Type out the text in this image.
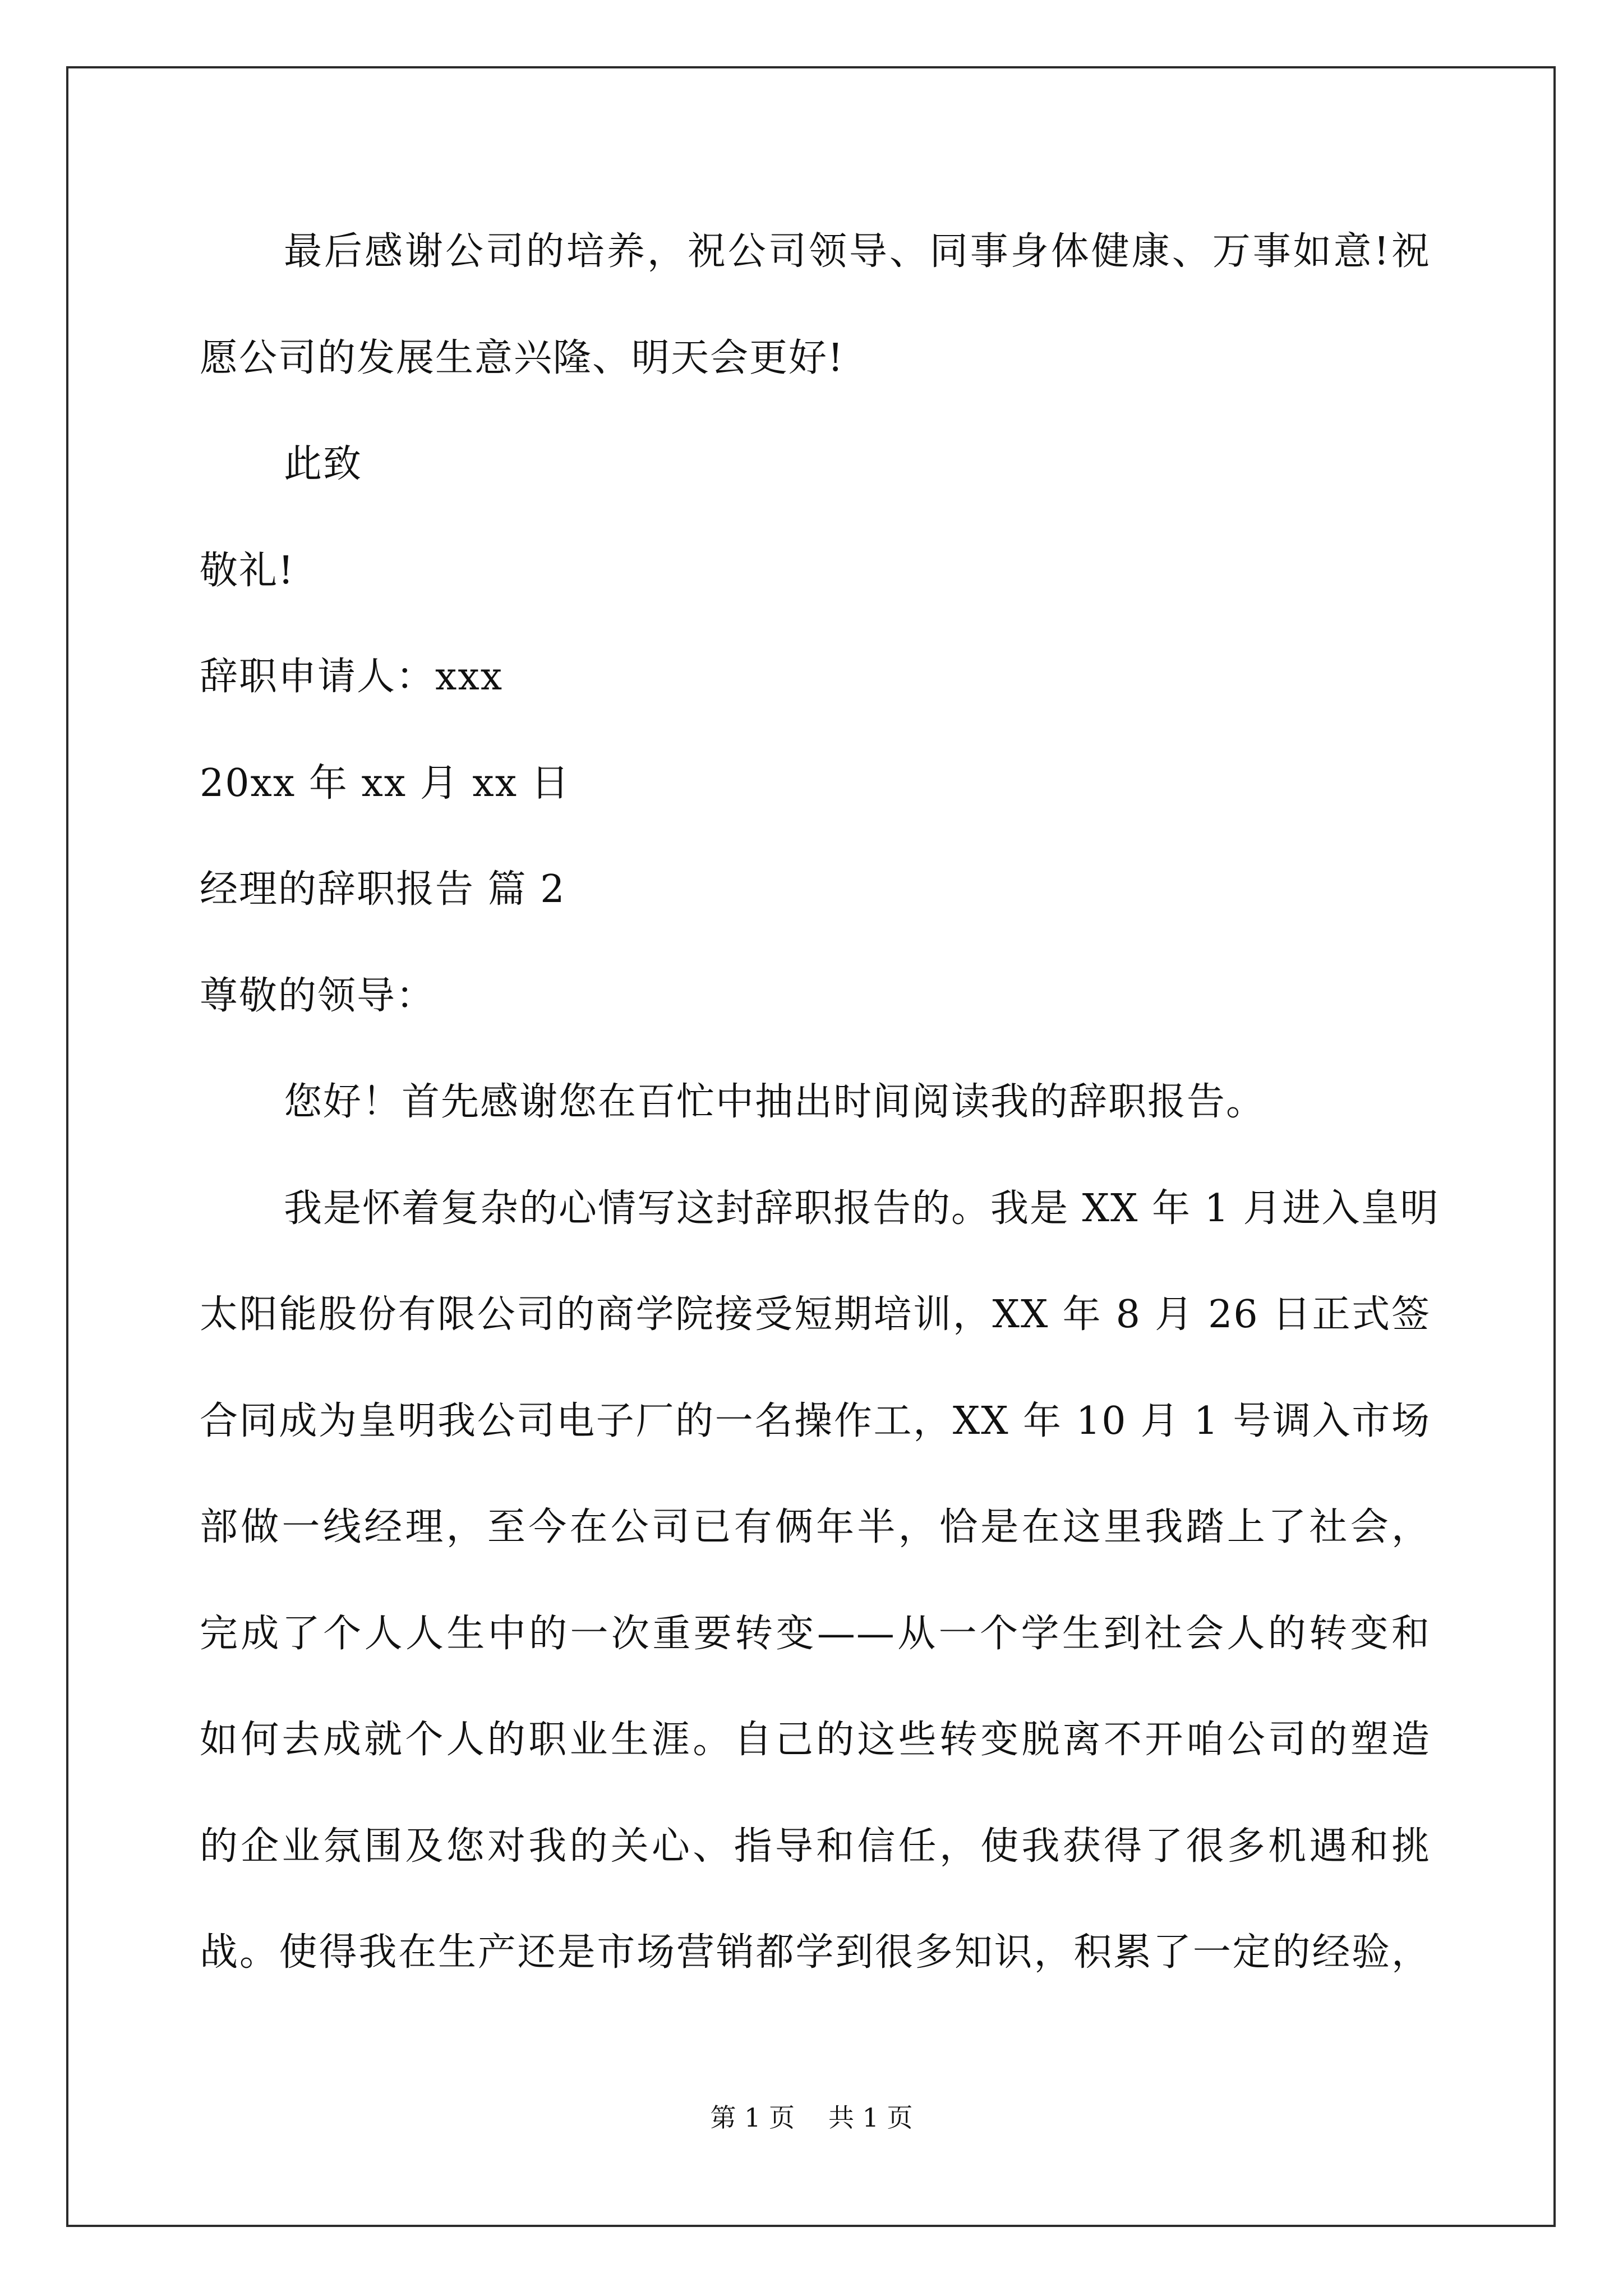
最后感谢公司的培养，祝公司领导、同事身体健康、万事如意!祝
愿公司的发展生意兴隆、明天会更好!
此致
敬礼!
辞职申请人：xxx
20xx 年 xx 月 xx 日
经理的辞职报告 篇 2
尊敬的领导：
您好！首先感谢您在百忙中抽出时间阅读我的辞职报告。
我是怀着复杂的心情写这封辞职报告的。我是 XX 年 1 月进入皇明
太阳能股份有限公司的商学院接受短期培训，XX 年 8 月 26 日正式签
合同成为皇明我公司电子厂的一名操作工，XX 年 10 月 1 号调入市场
部做一线经理，至今在公司已有俩年半，恰是在这里我踏上了社会，
完成了个人人生中的一次重要转变——从一个学生到社会人的转变和
如何去成就个人的职业生涯。自己的这些转变脱离不开咱公司的塑造
的企业氛围及您对我的关心、指导和信任，使我获得了很多机遇和挑
战。使得我在生产还是市场营销都学到很多知识，积累了一定的经验，
第 1 页 共 1 页
